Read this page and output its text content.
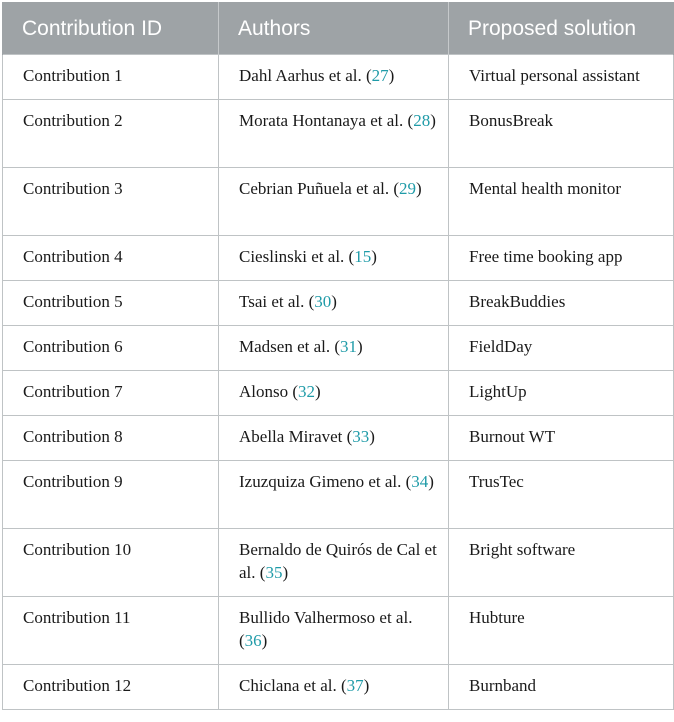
Contribution ID	Authors	Proposed solution
Contribution 1	Dahl Aarhus et al. (27)	Virtual personal assistant
Contribution 2	Morata Hontanaya et al. (28)	BonusBreak
Contribution 3	Cebrian Puñuela et al. (29)	Mental health monitor
Contribution 4	Cieslinski et al. (15)	Free time booking app
Contribution 5	Tsai et al. (30)	BreakBuddies
Contribution 6	Madsen et al. (31)	FieldDay
Contribution 7	Alonso (32)	LightUp
Contribution 8	Abella Miravet (33)	Burnout WT
Contribution 9	Izuzquiza Gimeno et al. (34)	TrusTec
Contribution 10	Bernaldo de Quirós de Cal et al. (35)	Bright software
Contribution 11	Bullido Valhermoso et al. (36)	Hubture
Contribution 12	Chiclana et al. (37)	Burnband
